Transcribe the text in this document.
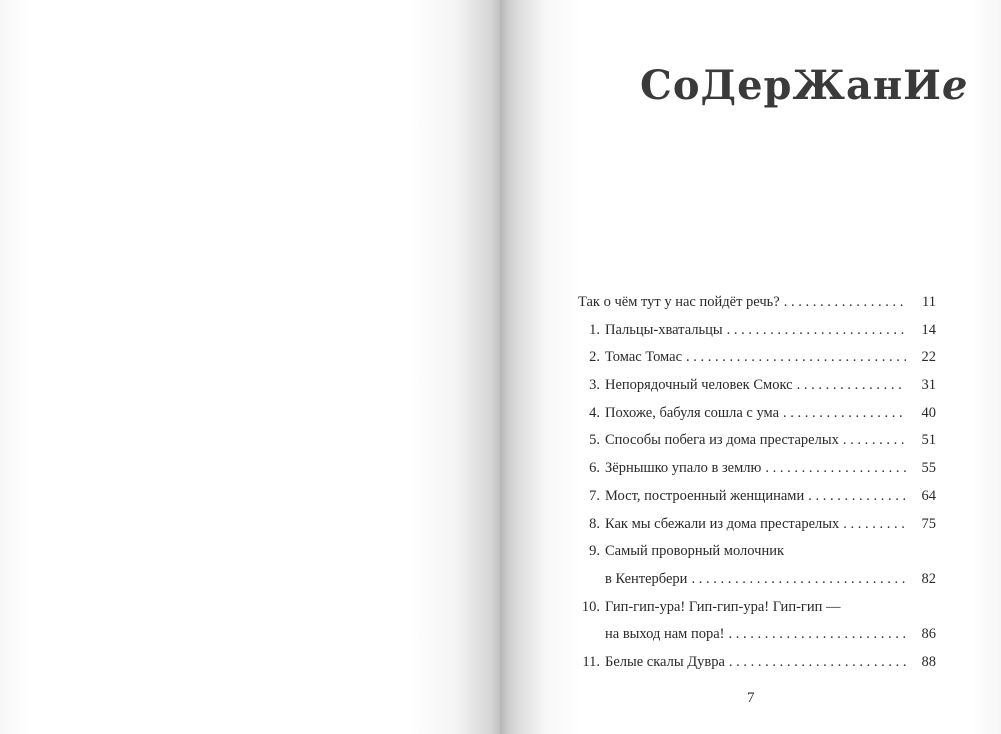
СоДерЖанИе
Так о чём тут у нас пойдёт речь? . . .	11
1. Пальцы-хватальцы . . .	14
2. Томас Томас . . .	22
3. Непорядочный человек Смокс . . .	31
4. Похоже, бабуля сошла с ума . . .	40
5. Способы побега из дома престарелых . . .	51
6. Зёрнышко упало в землю . . .	55
7. Мост, построенный женщинами . . .	64
8. Как мы сбежали из дома престарелых . . .	75
9. Самый проворный молочник
в Кентербери . . .	82
10. Гип-гип-ура! Гип-гип-ура! Гип-гип —
на выход нам пора! . . .	86
11. Белые скалы Дувра . . .	88
7
